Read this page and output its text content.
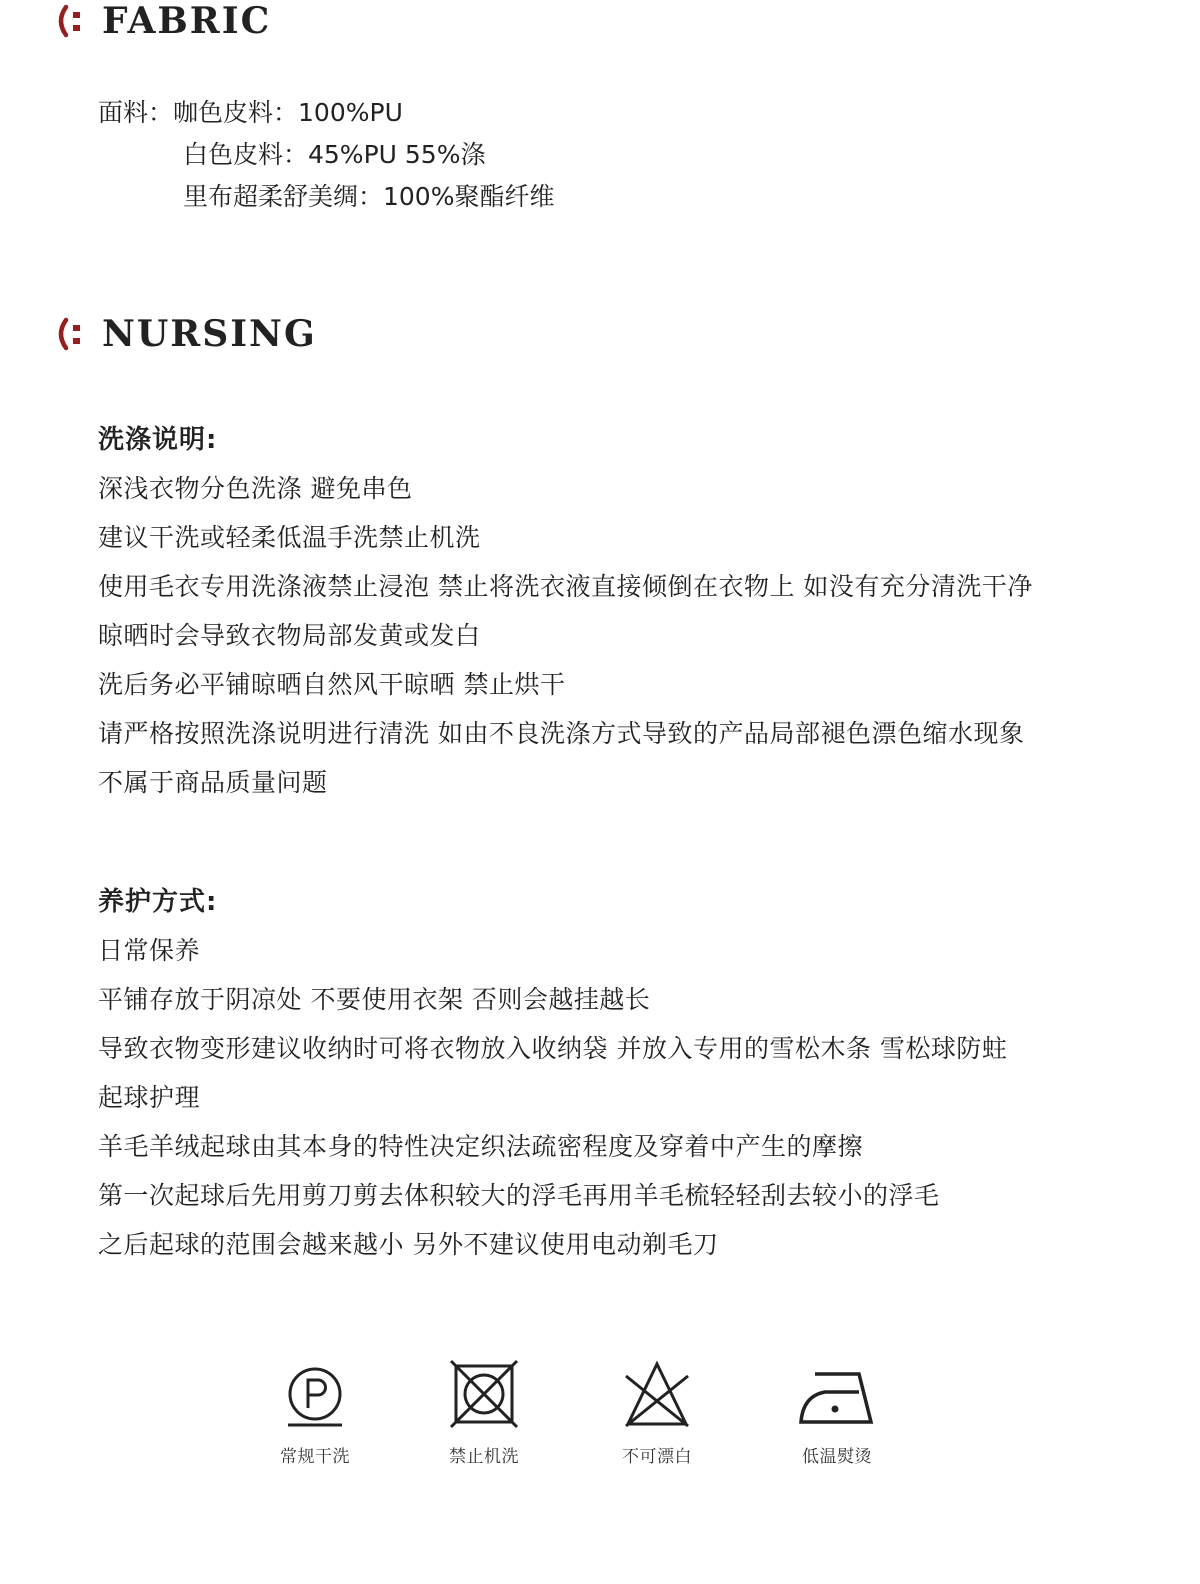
FABRIC
面料： 咖色皮料：100%PU
白色皮料：45%PU 55%涤
里布超柔舒美绸：100%聚酯纤维
NURSING
洗涤说明:
深浅衣物分色洗涤 避免串色
建议干洗或轻柔低温手洗禁止机洗
使用毛衣专用洗涤液禁止浸泡 禁止将洗衣液直接倾倒在衣物上 如没有充分清洗干净
晾晒时会导致衣物局部发黄或发白
洗后务必平铺晾晒自然风干晾晒 禁止烘干
请严格按照洗涤说明进行清洗 如由不良洗涤方式导致的产品局部褪色漂色缩水现象
不属于商品质量问题
养护方式:
日常保养
平铺存放于阴凉处 不要使用衣架 否则会越挂越长
导致衣物变形建议收纳时可将衣物放入收纳袋 并放入专用的雪松木条 雪松球防蛀
起球护理
羊毛羊绒起球由其本身的特性决定织法疏密程度及穿着中产生的摩擦
第一次起球后先用剪刀剪去体积较大的浮毛再用羊毛梳轻轻刮去较小的浮毛
之后起球的范围会越来越小 另外不建议使用电动剃毛刀
常规干洗	禁止机洗	不可漂白	低温熨烫
